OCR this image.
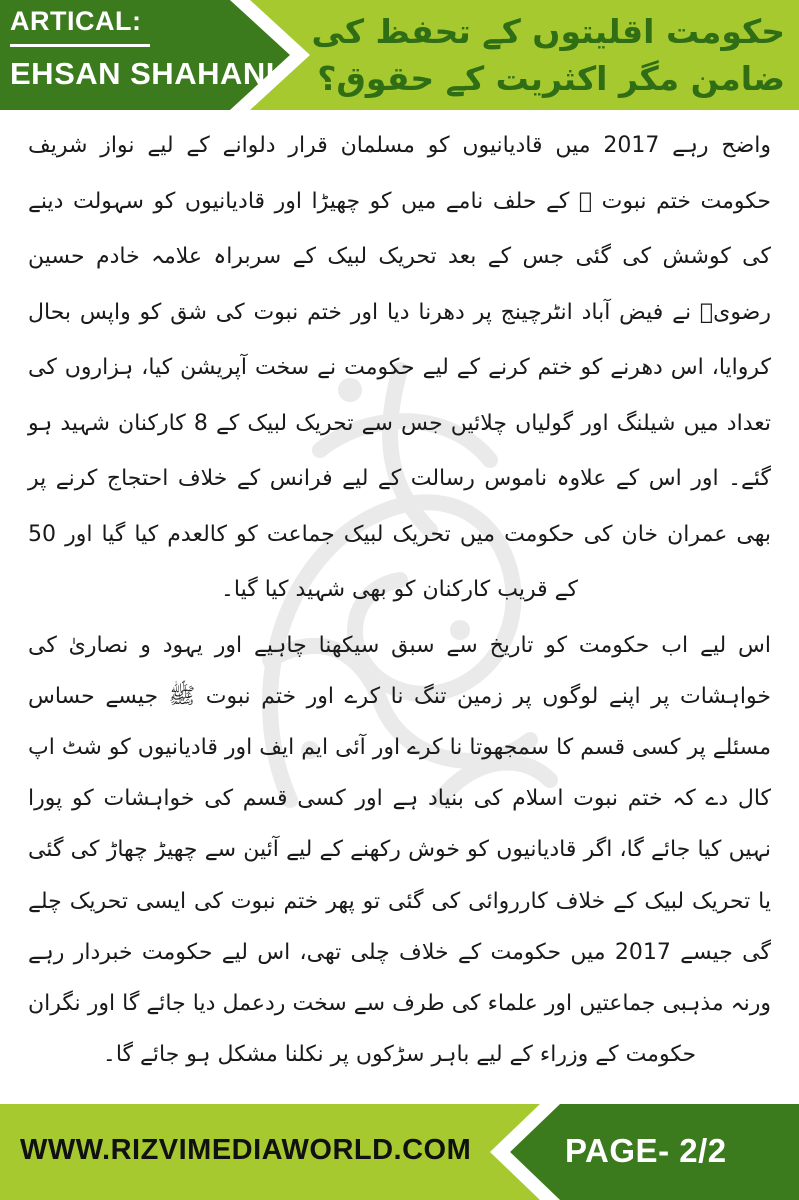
ARTICAL:
EHSAN SHAHANI
حکومت اقلیتوں کے تحفظ کی
ضامن مگر اکثریت کے حقوق؟

واضح رہے 2017 میں قادیانیوں کو مسلمان قرار دلوانے کے لیے نواز شریف حکومت ختم نبوت ﷺ کے حلف نامے میں کو چھیڑا اور قادیانیوں کو سہولت دینے کی کوشش کی گئی جس کے بعد تحریک لبیک کے سربراہ علامہ خادم حسین رضویؒ نے فیض آباد انٹرچینج پر دھرنا دیا اور ختم نبوت کی شق کو واپس بحال کروایا، اس دھرنے کو ختم کرنے کے لیے حکومت نے سخت آپریشن کیا، ہزاروں کی تعداد میں شیلنگ اور گولیاں چلائیں جس سے تحریک لبیک کے 8 کارکنان شہید ہو گئے۔ اور اس کے علاوہ ناموس رسالت کے لیے فرانس کے خلاف احتجاج کرنے پر بھی عمران خان کی حکومت میں تحریک لبیک جماعت کو کالعدم کیا گیا اور 50 کے قریب کارکنان کو بھی شہید کیا گیا۔

اس لیے اب حکومت کو تاریخ سے سبق سیکھنا چاہیے اور یہود و نصاریٰ کی خواہشات پر اپنے لوگوں پر زمین تنگ نا کرے اور ختم نبوت ﷺ جیسے حساس مسئلے پر کسی قسم کا سمجھوتا نا کرے اور آئی ایم ایف اور قادیانیوں کو شٹ اپ کال دے کہ ختم نبوت اسلام کی بنیاد ہے اور کسی قسم کی خواہشات کو پورا نہیں کیا جائے گا، اگر قادیانیوں کو خوش رکھنے کے لیے آئین سے چھیڑ چھاڑ کی گئی یا تحریک لبیک کے خلاف کارروائی کی گئی تو پھر ختم نبوت کی ایسی تحریک چلے گی جیسے 2017 میں حکومت کے خلاف چلی تھی، اس لیے حکومت خبردار رہے ورنہ مذہبی جماعتیں اور علماء کی طرف سے سخت ردعمل دیا جائے گا اور نگران حکومت کے وزراء کے لیے باہر سڑکوں پر نکلنا مشکل ہو جائے گا۔

WWW.RIZVIMEDIAWORLD.COM	PAGE- 2/2
